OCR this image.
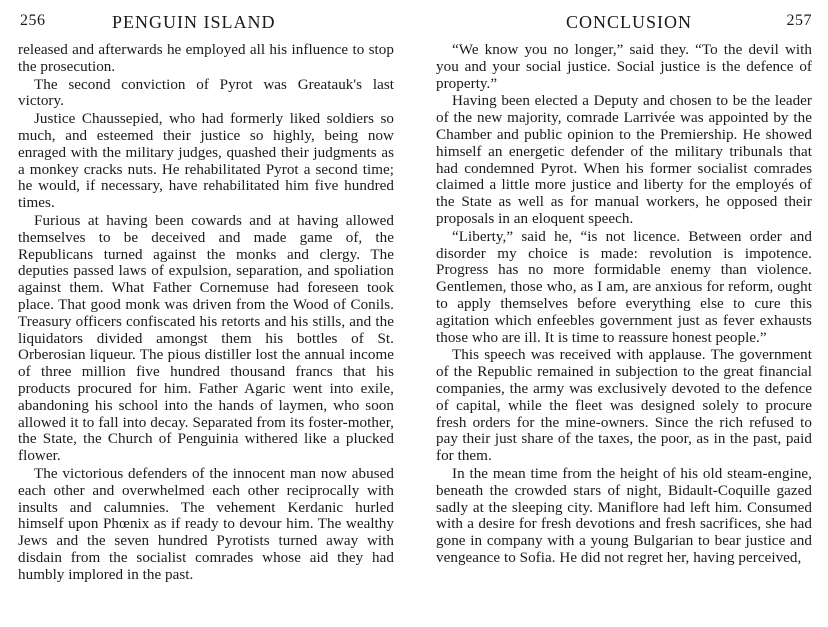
256	PENGUIN ISLAND

released and afterwards he employed all his influence to stop the prosecution.

The second conviction of Pyrot was Greatauk's last victory.

Justice Chaussepied, who had formerly liked soldiers so much, and esteemed their justice so highly, being now enraged with the military judges, quashed their judgments as a monkey cracks nuts. He rehabilitated Pyrot a second time; he would, if necessary, have rehabilitated him five hundred times.

Furious at having been cowards and at having allowed themselves to be deceived and made game of, the Republicans turned against the monks and clergy. The deputies passed laws of expulsion, separation, and spoliation against them. What Father Cornemuse had foreseen took place. That good monk was driven from the Wood of Conils. Treasury officers confiscated his retorts and his stills, and the liquidators divided amongst them his bottles of St. Orberosian liqueur. The pious distiller lost the annual income of three million five hundred thousand francs that his products procured for him. Father Agaric went into exile, abandoning his school into the hands of laymen, who soon allowed it to fall into decay. Separated from its foster-mother, the State, the Church of Penguinia withered like a plucked flower.

The victorious defenders of the innocent man now abused each other and overwhelmed each other reciprocally with insults and calumnies. The vehement Kerdanic hurled himself upon Phœnix as if ready to devour him. The wealthy Jews and the seven hundred Pyrotists turned away with disdain from the socialist comrades whose aid they had humbly implored in the past.

CONCLUSION	257

“We know you no longer,” said they. “To the devil with you and your social justice. Social justice is the defence of property.”

Having been elected a Deputy and chosen to be the leader of the new majority, comrade Larrivée was appointed by the Chamber and public opinion to the Premiership. He showed himself an energetic defender of the military tribunals that had condemned Pyrot. When his former socialist comrades claimed a little more justice and liberty for the employés of the State as well as for manual workers, he opposed their proposals in an eloquent speech.

“Liberty,” said he, “is not licence. Between order and disorder my choice is made: revolution is impotence. Progress has no more formidable enemy than violence. Gentlemen, those who, as I am, are anxious for reform, ought to apply themselves before everything else to cure this agitation which enfeebles government just as fever exhausts those who are ill. It is time to reassure honest people.”

This speech was received with applause. The government of the Republic remained in subjection to the great financial companies, the army was exclusively devoted to the defence of capital, while the fleet was designed solely to procure fresh orders for the mine-owners. Since the rich refused to pay their just share of the taxes, the poor, as in the past, paid for them.

In the mean time from the height of his old steam-engine, beneath the crowded stars of night, Bidault-Coquille gazed sadly at the sleeping city. Maniflore had left him. Consumed with a desire for fresh devotions and fresh sacrifices, she had gone in company with a young Bulgarian to bear justice and vengeance to Sofia. He did not regret her, having perceived,
